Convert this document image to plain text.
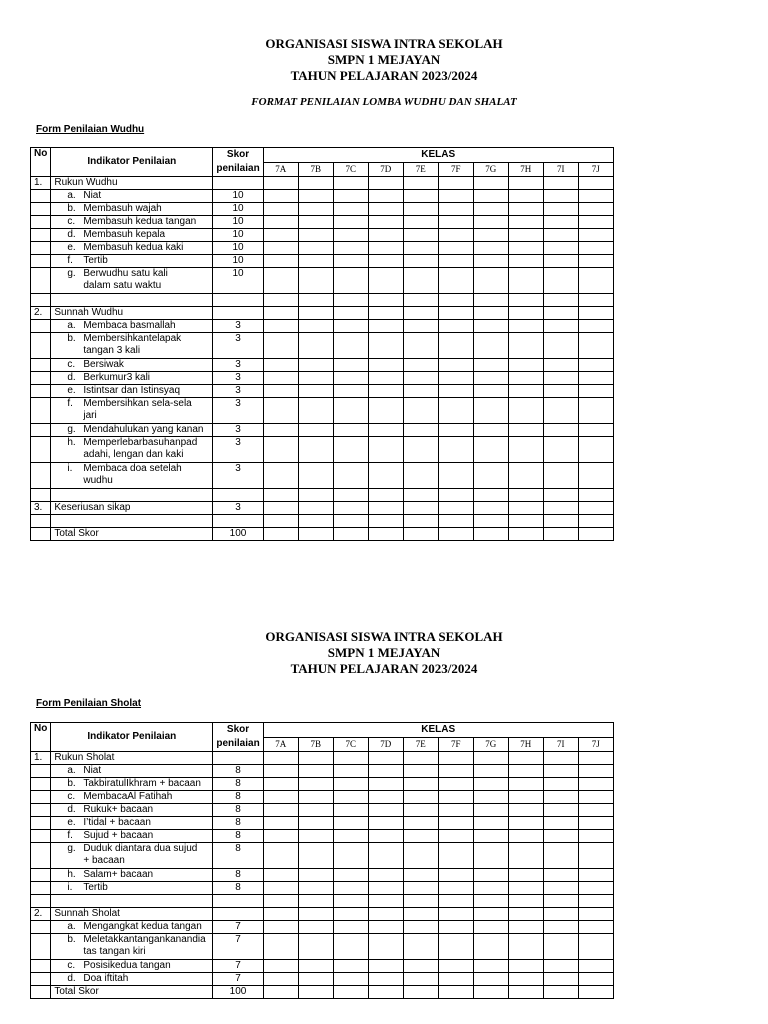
ORGANISASI SISWA INTRA SEKOLAH
SMPN 1 MEJAYAN
TAHUN PELAJARAN 2023/2024
FORMAT PENILAIAN LOMBA WUDHU DAN SHALAT
Form Penilaian Wudhu
No	Indikator Penilaian	Skor
penilaian	KELAS									
			7A	7B	7C	7D	7E	7F	7G	7H	7I	7J
1.	Rukun Wudhu											

	a. Niat	10										

	b. Membasuh wajah	10										

	c. Membasuh kedua tangan	10										

	d. Membasuh kepala	10										

	e. Membasuh kedua kaki	10										

	f. Tertib	10										

	g. Berwudhu satu kali
dalam satu waktu	10										

2.	Sunnah Wudhu											

	a. Membaca basmallah	3										

	b. Membersihkantelapak
tangan 3 kali	3										

	c. Bersiwak	3										

	d. Berkumur3 kali	3										

	e. Istintsar dan Istinsyaq	3										

	f. Membersihkan sela-sela
jari	3										

	g. Mendahulukan yang kanan	3										

	h. Memperlebarbasuhanpad
adahi, lengan dan kaki	3										

	i. Membaca doa setelah
wudhu	3										

3.	Keseriusan sikap	3										

	Total Skor	100										
ORGANISASI SISWA INTRA SEKOLAH
SMPN 1 MEJAYAN
TAHUN PELAJARAN 2023/2024
Form Penilaian Sholat
No	Indikator Penilaian	Skor
penilaian	KELAS									
			7A	7B	7C	7D	7E	7F	7G	7H	7I	7J
1.	Rukun Sholat											

	a. Niat	8										

	b. TakbiratulIkhram + bacaan	8										

	c. MembacaAl Fatihah	8										

	d. Rukuk+ bacaan	8										

	e. I’tidal + bacaan	8										

	f. Sujud + bacaan	8										

	g. Duduk diantara dua sujud
+ bacaan	8										

	h. Salam+ bacaan	8										

	i. Tertib	8										

2.	Sunnah Sholat											

	a. Mengangkat kedua tangan	7										

	b. Meletakkantangankanandia
tas tangan kiri	7										

	c. Posisikedua tangan	7										

	d. Doa iftitah	7										
	Total Skor	100										
